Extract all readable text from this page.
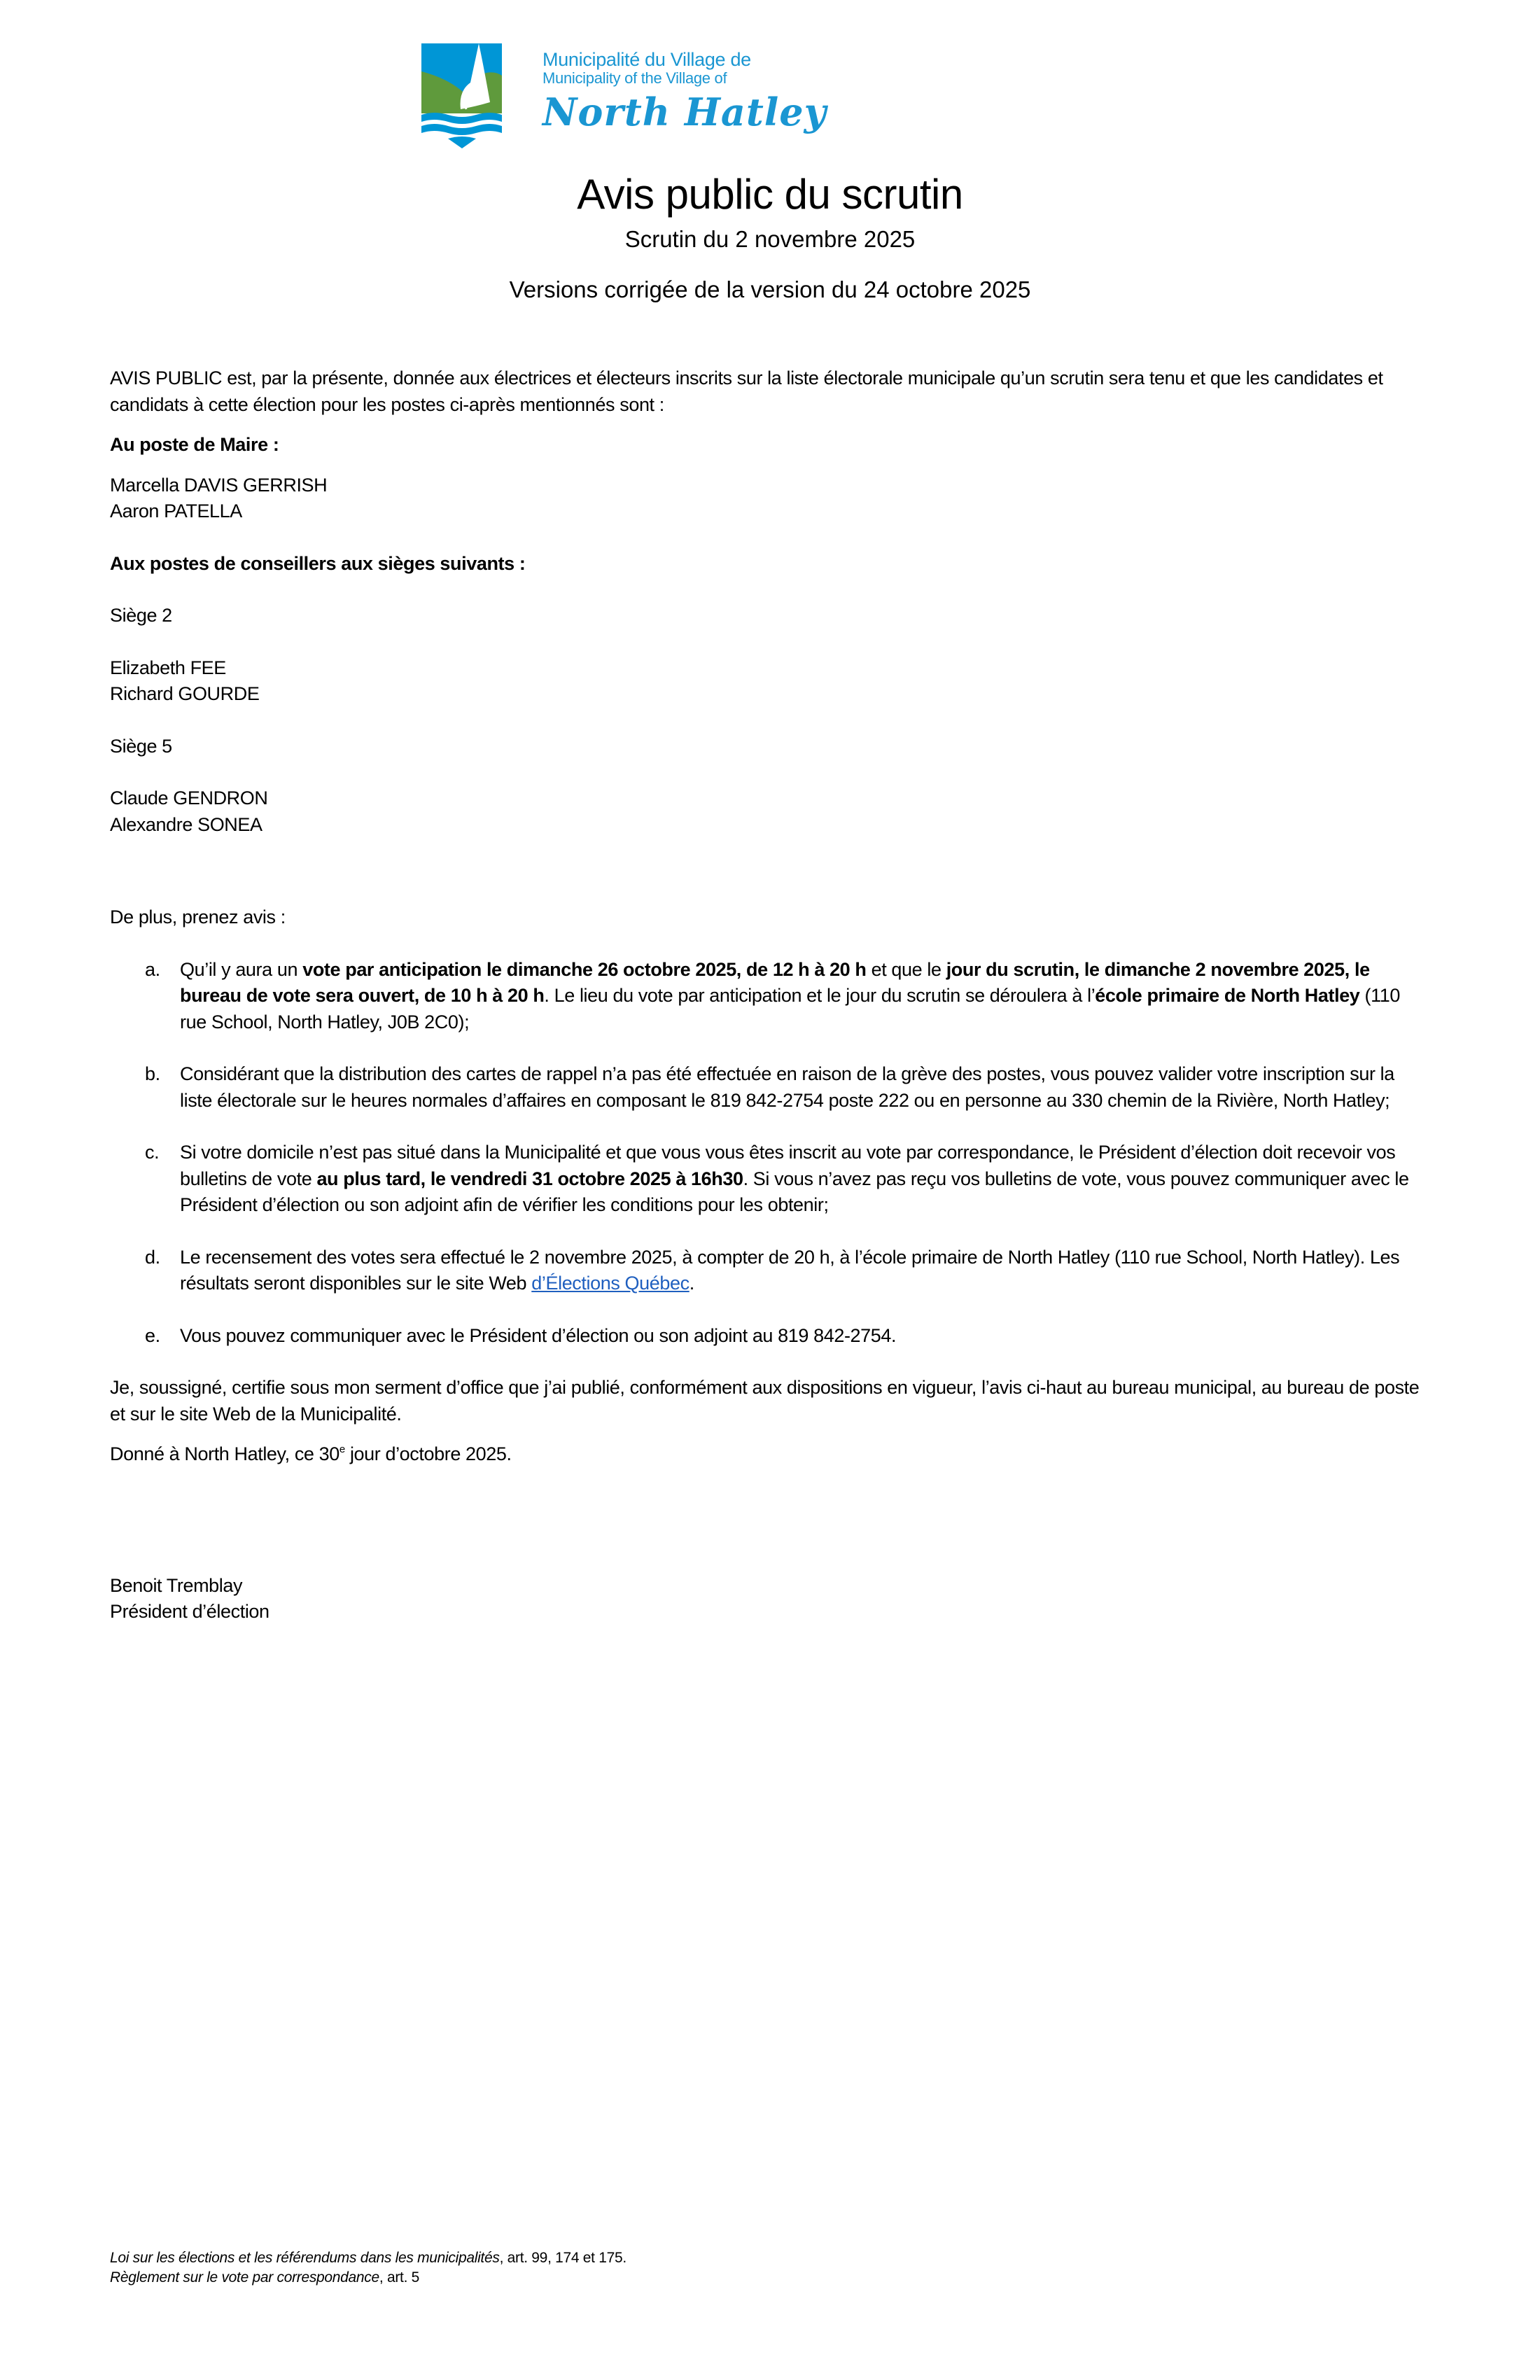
Municipalité du Village de
Municipality of the Village of
North Hatley
Avis public du scrutin
Scrutin du 2 novembre 2025
Versions corrigée de la version du 24 octobre 2025

AVIS PUBLIC est, par la présente, donnée aux électrices et électeurs inscrits sur la liste électorale municipale qu’un scrutin sera tenu et que les candidates et candidats à cette élection pour les postes ci-après mentionnés sont :

Au poste de Maire :

Marcella DAVIS GERRISH

Aaron PATELLA

Aux postes de conseillers aux sièges suivants :

Siège 2

Elizabeth FEE

Richard GOURDE

Siège 5

Claude GENDRON

Alexandre SONEA

De plus, prenez avis :

a. Qu’il y aura un vote par anticipation le dimanche 26 octobre 2025, de 12 h à 20 h et que le jour du scrutin, le dimanche 2 novembre 2025, le bureau de vote sera ouvert, de 10 h à 20 h. Le lieu du vote par anticipation et le jour du scrutin se déroulera à l’école primaire de North Hatley (110 rue School, North Hatley, J0B 2C0);
b. Considérant que la distribution des cartes de rappel n’a pas été effectuée en raison de la grève des postes, vous pouvez valider votre inscription sur la liste électorale sur le heures normales d’affaires en composant le 819 842-2754 poste 222 ou en personne au 330 chemin de la Rivière, North Hatley;
c. Si votre domicile n’est pas situé dans la Municipalité et que vous vous êtes inscrit au vote par correspondance, le Président d’élection doit recevoir vos bulletins de vote au plus tard, le vendredi 31 octobre 2025 à 16h30. Si vous n’avez pas reçu vos bulletins de vote, vous pouvez communiquer avec le Président d’élection ou son adjoint afin de vérifier les conditions pour les obtenir;
d. Le recensement des votes sera effectué le 2 novembre 2025, à compter de 20 h, à l’école primaire de North Hatley (110 rue School, North Hatley). Les résultats seront disponibles sur le site Web d’Élections Québec.
e. Vous pouvez communiquer avec le Président d’élection ou son adjoint au 819 842-2754.

Je, soussigné, certifie sous mon serment d’office que j’ai publié, conformément aux dispositions en vigueur, l’avis ci-haut au bureau municipal, au bureau de poste et sur le site Web de la Municipalité.

Donné à North Hatley, ce 30e jour d’octobre 2025.

Benoit Tremblay

Président d’élection

Loi sur les élections et les référendums dans les municipalités, art. 99, 174 et 175.
Règlement sur le vote par correspondance, art. 5
